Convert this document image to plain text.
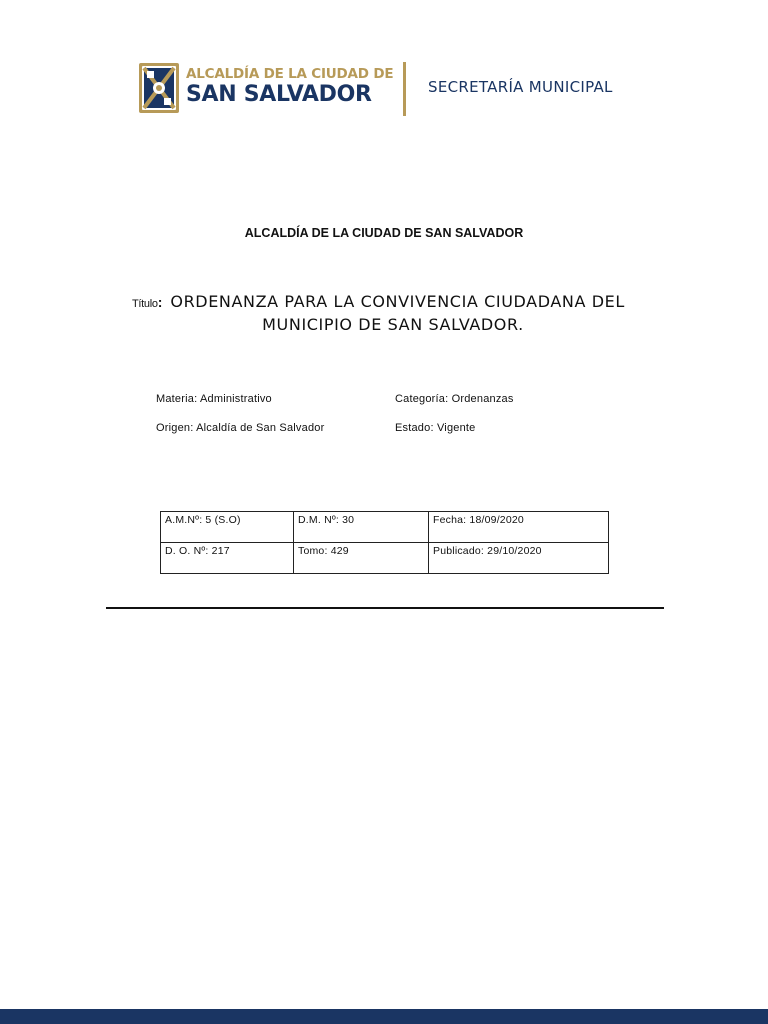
ALCALDÍA DE LA CIUDAD DE
SAN SALVADOR	SECRETARÍA MUNICIPAL
ALCALDÍA DE LA CIUDAD DE SAN SALVADOR
Título: ORDENANZA PARA LA CONVIVENCIA CIUDADANA DEL
MUNICIPIO DE SAN SALVADOR.
Materia: Administrativo	Categoría: Ordenanzas
Origen: Alcaldía de San Salvador	Estado: Vigente
A.M.Nº: 5 (S.O)	D.M. Nº: 30	Fecha: 18/09/2020
D. O. Nº: 217	Tomo: 429	Publicado: 29/10/2020
